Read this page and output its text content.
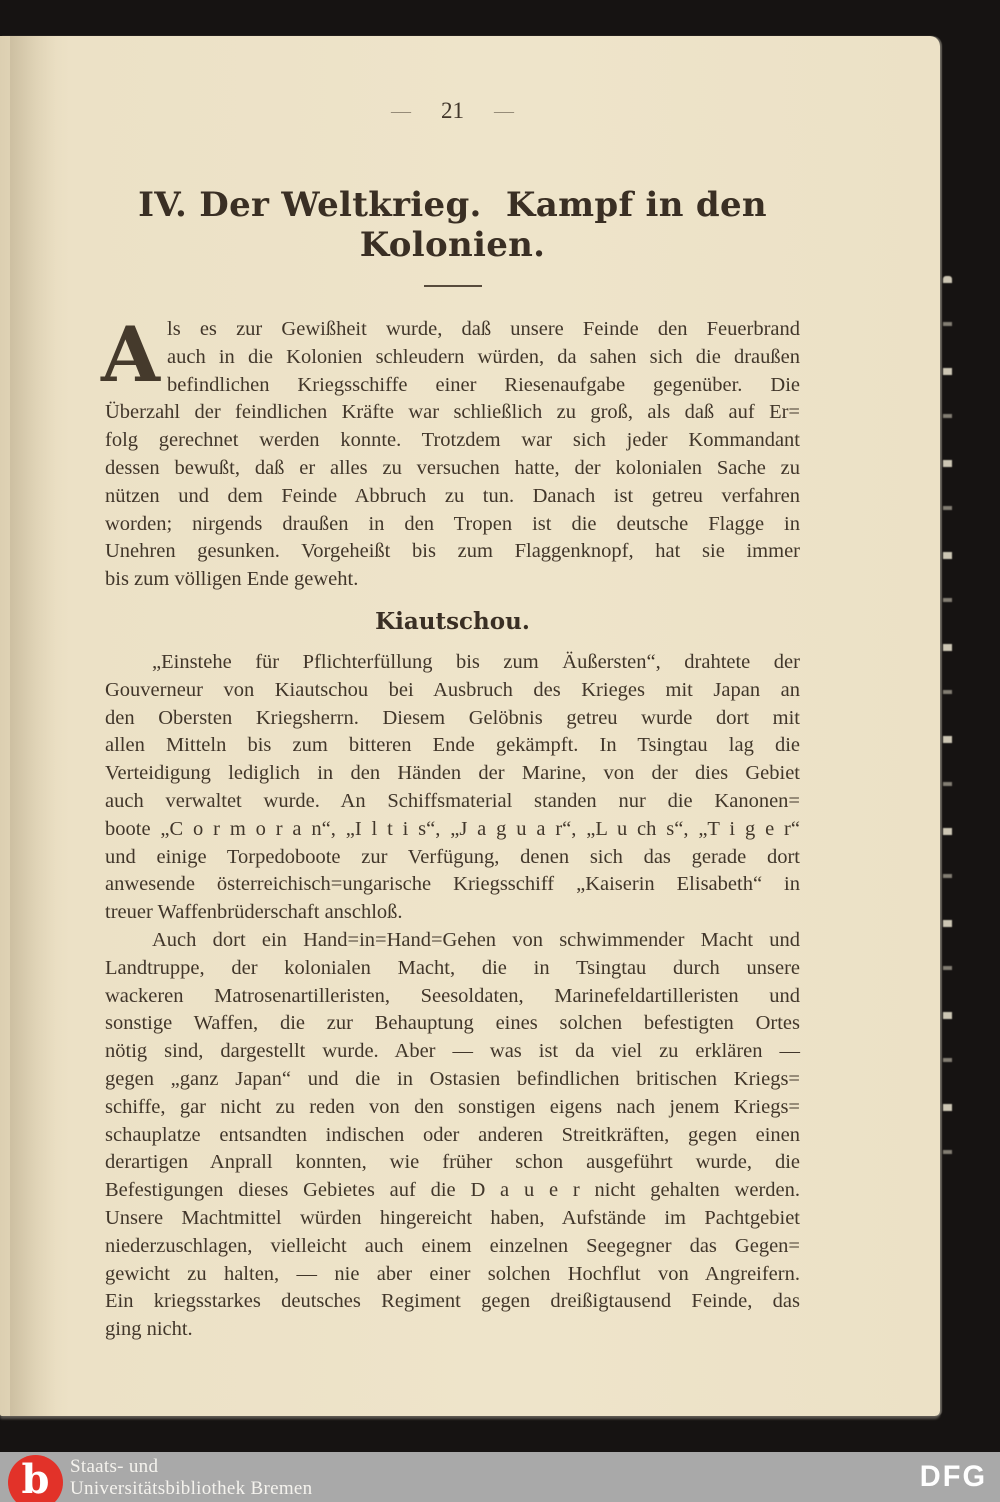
— 21 —
IV. Der Weltkrieg.  Kampf in den Kolonien.
A ls es zur Gewißheit wurde, daß unsere Feinde den Feuerbrand
auch in die Kolonien schleudern würden, da sahen sich die draußen
befindlichen Kriegsschiffe einer Riesenaufgabe gegenüber. Die
Überzahl der feindlichen Kräfte war schließlich zu groß, als daß auf Er=
folg gerechnet werden konnte. Trotzdem war sich jeder Kommandant
dessen bewußt, daß er alles zu versuchen hatte, der kolonialen Sache zu
nützen und dem Feinde Abbruch zu tun. Danach ist getreu verfahren
worden; nirgends draußen in den Tropen ist die deutsche Flagge in
Unehren gesunken. Vorgeheißt bis zum Flaggenknopf, hat sie immer
bis zum völligen Ende geweht.
Kiautschou.
„Einstehe für Pflichterfüllung bis zum Äußersten“, drahtete der
Gouverneur von Kiautschou bei Ausbruch des Krieges mit Japan an
den Obersten Kriegsherrn. Diesem Gelöbnis getreu wurde dort mit
allen Mitteln bis zum bitteren Ende gekämpft. In Tsingtau lag die
Verteidigung lediglich in den Händen der Marine, von der dies Gebiet
auch verwaltet wurde. An Schiffsmaterial standen nur die Kanonen=
boote „C o r m o r a n“, „I l t i s“, „J a g u a r“, „L u ch s“, „T i g e r“
und einige Torpedoboote zur Verfügung, denen sich das gerade dort
anwesende österreichisch=ungarische Kriegsschiff „Kaiserin Elisabeth“ in
treuer Waffenbrüderschaft anschloß.
Auch dort ein Hand=in=Hand=Gehen von schwimmender Macht und
Landtruppe, der kolonialen Macht, die in Tsingtau durch unsere
wackeren Matrosenartilleristen, Seesoldaten, Marinefeldartilleristen und
sonstige Waffen, die zur Behauptung eines solchen befestigten Ortes
nötig sind, dargestellt wurde. Aber — was ist da viel zu erklären —
gegen „ganz Japan“ und die in Ostasien befindlichen britischen Kriegs=
schiffe, gar nicht zu reden von den sonstigen eigens nach jenem Kriegs=
schauplatze entsandten indischen oder anderen Streitkräften, gegen einen
derartigen Anprall konnten, wie früher schon ausgeführt wurde, die
Befestigungen dieses Gebietes auf die D a u e r nicht gehalten werden.
Unsere Machtmittel würden hingereicht haben, Aufstände im Pachtgebiet
niederzuschlagen, vielleicht auch einem einzelnen Seegegner das Gegen=
gewicht zu halten, — nie aber einer solchen Hochflut von Angreifern.
Ein kriegsstarkes deutsches Regiment gegen dreißigtausend Feinde, das
ging nicht.
b Staats- und
Universitätsbibliothek Bremen	DFG
